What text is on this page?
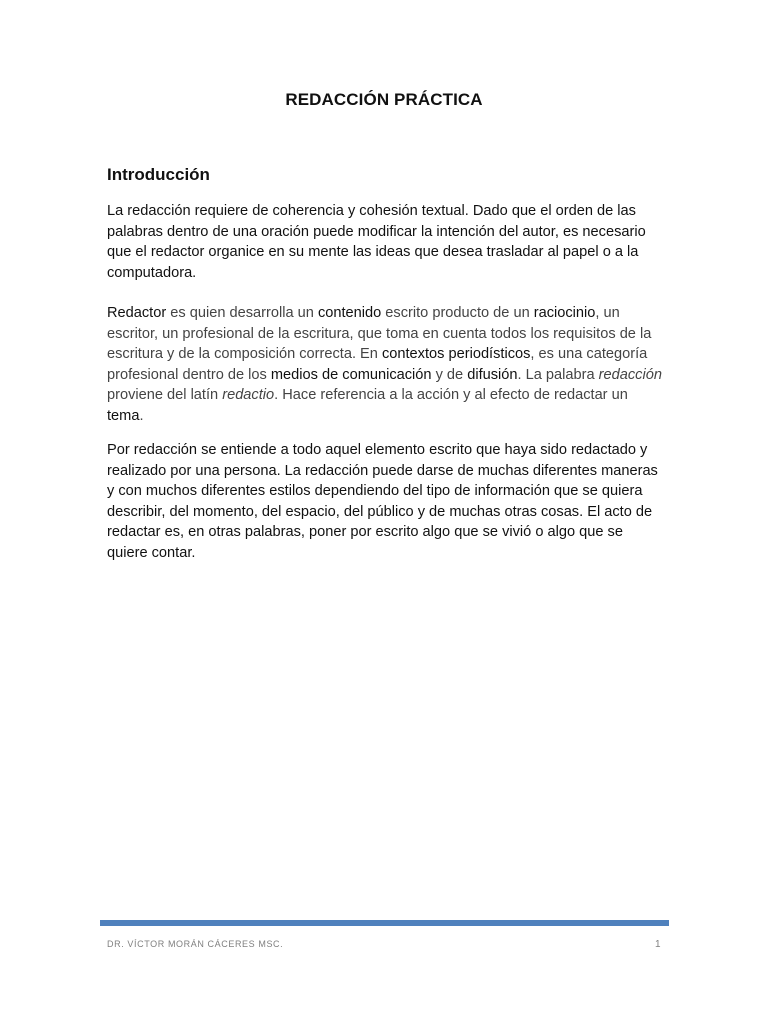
REDACCIÓN PRÁCTICA
Introducción

La redacción requiere de coherencia y cohesión textual. Dado que el orden de las palabras dentro de una oración puede modificar la intención del autor, es necesario que el redactor organice en su mente las ideas que desea trasladar al papel o a la computadora.

Redactor es quien desarrolla un contenido escrito producto de un raciocinio, un escritor, un profesional de la escritura, que toma en cuenta todos los requisitos de la escritura y de la composición correcta. En contextos periodísticos, es una categoría profesional dentro de los medios de comunicación y de difusión. La palabra redacción proviene del latín redactio. Hace referencia a la acción y al efecto de redactar un tema.

Por redacción se entiende a todo aquel elemento escrito que haya sido redactado y realizado por una persona. La redacción puede darse de muchas diferentes maneras y con muchos diferentes estilos dependiendo del tipo de información que se quiera describir, del momento, del espacio, del público y de muchas otras cosas. El acto de redactar es, en otras palabras, poner por escrito algo que se vivió o algo que se quiere contar.

DR. VÍCTOR MORÁN CÁCERES MSC.	1
